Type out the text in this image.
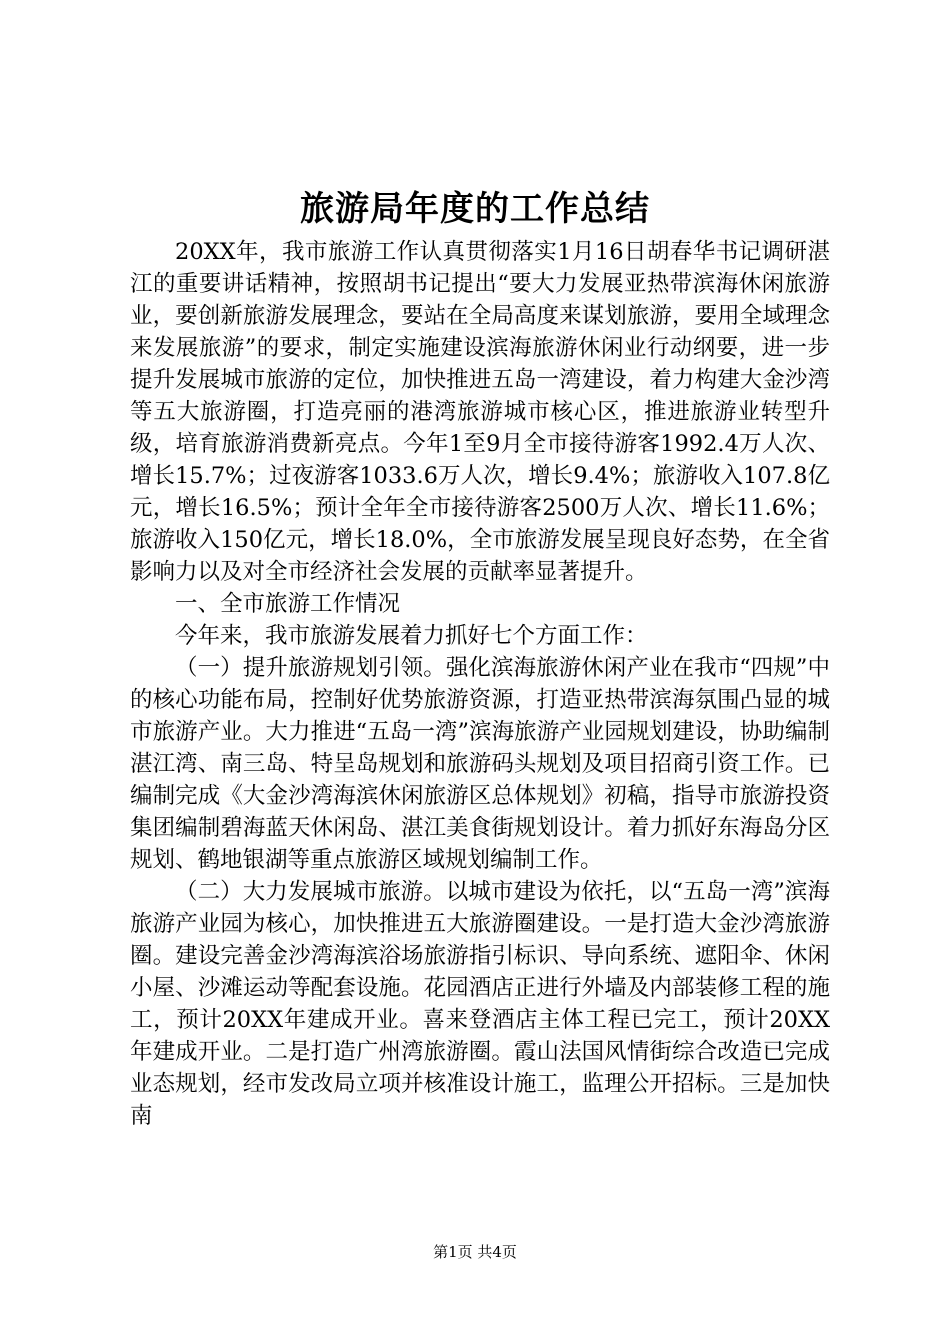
旅游局年度的工作总结

20XX年，我市旅游工作认真贯彻落实1月16日胡春华书记调研湛江的重要讲话精神，按照胡书记提出“要大力发展亚热带滨海休闲旅游业，要创新旅游发展理念，要站在全局高度来谋划旅游，要用全域理念来发展旅游”的要求，制定实施建设滨海旅游休闲业行动纲要，进一步提升发展城市旅游的定位，加快推进五岛一湾建设，着力构建大金沙湾等五大旅游圈，打造亮丽的港湾旅游城市核心区，推进旅游业转型升级，培育旅游消费新亮点。今年1至9月全市接待游客1992.4万人次、增长15.7%；过夜游客1033.6万人次，增长9.4%；旅游收入107.8亿元，增长16.5%；预计全年全市接待游客2500万人次、增长11.6%；旅游收入150亿元，增长18.0%，全市旅游发展呈现良好态势，在全省影响力以及对全市经济社会发展的贡献率显著提升。

一、全市旅游工作情况

今年来，我市旅游发展着力抓好七个方面工作：

（一）提升旅游规划引领。强化滨海旅游休闲产业在我市“四规”中的核心功能布局，控制好优势旅游资源，打造亚热带滨海氛围凸显的城市旅游产业。大力推进“五岛一湾”滨海旅游产业园规划建设，协助编制湛江湾、南三岛、特呈岛规划和旅游码头规划及项目招商引资工作。已编制完成《大金沙湾海滨休闲旅游区总体规划》初稿，指导市旅游投资集团编制碧海蓝天休闲岛、湛江美食街规划设计。着力抓好东海岛分区规划、鹤地银湖等重点旅游区域规划编制工作。

（二）大力发展城市旅游。以城市建设为依托，以“五岛一湾”滨海旅游产业园为核心，加快推进五大旅游圈建设。一是打造大金沙湾旅游圈。建设完善金沙湾海滨浴场旅游指引标识、导向系统、遮阳伞、休闲小屋、沙滩运动等配套设施。花园酒店正进行外墙及内部装修工程的施工，预计20XX年建成开业。喜来登酒店主体工程已完工，预计20XX年建成开业。二是打造广州湾旅游圈。霞山法国风情街综合改造已完成业态规划，经市发改局立项并核准设计施工，监理公开招标。三是加快南

第1页 共4页
